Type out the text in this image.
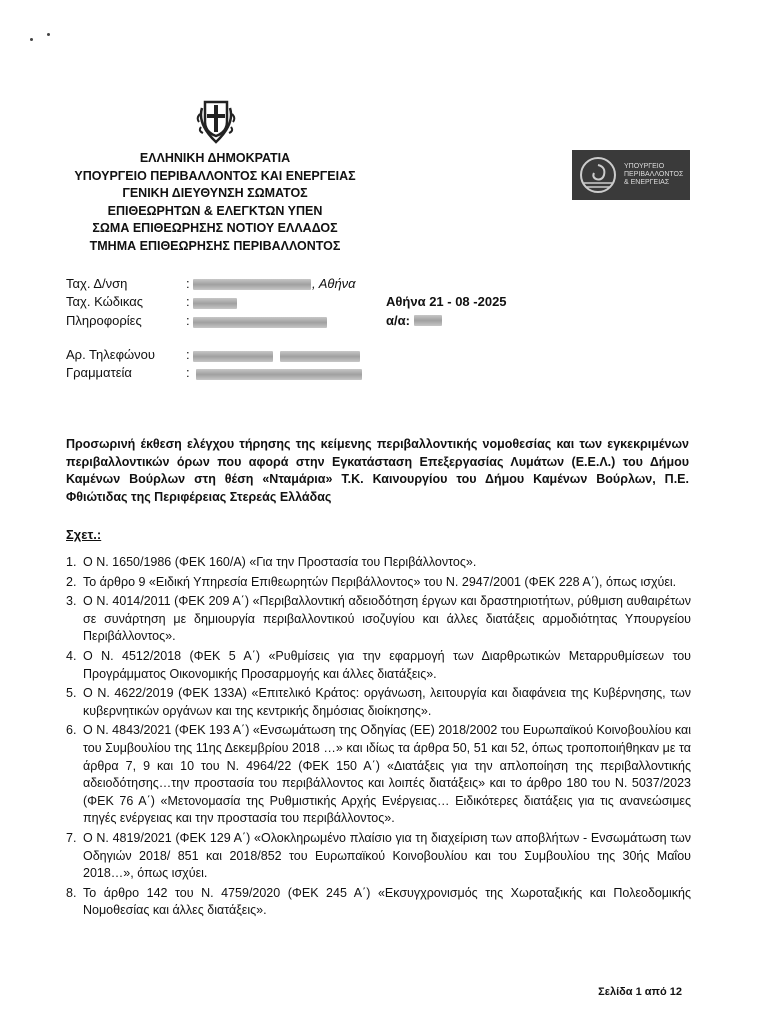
ΕΛΛΗΝΙΚΗ ΔΗΜΟΚΡΑΤΙΑ
ΥΠΟΥΡΓΕΙΟ ΠΕΡΙΒΑΛΛΟΝΤΟΣ ΚΑΙ ΕΝΕΡΓΕΙΑΣ
ΓΕΝΙΚΗ ΔΙΕΥΘΥΝΣΗ ΣΩΜΑΤΟΣ
ΕΠΙΘΕΩΡΗΤΩΝ & ΕΛΕΓΚΤΩΝ ΥΠΕΝ
ΣΩΜΑ ΕΠΙΘΕΩΡΗΣΗΣ ΝΟΤΙΟΥ ΕΛΛΑΔΟΣ
ΤΜΗΜΑ ΕΠΙΘΕΩΡΗΣΗΣ ΠΕΡΙΒΑΛΛΟΝΤΟΣ
ΥΠΟΥΡΓΕΙΟ
ΠΕΡΙΒΑΛΛΟΝΤΟΣ
& ΕΝΕΡΓΕΙΑΣ
Ταχ. Δ/νση	:	, Αθήνα
Ταχ. Κώδικας	:
Πληροφορίες	:
Αρ. Τηλεφώνου :
Γραμματεία	:
Αθήνα 21 - 08 -2025
α/α:
Προσωρινή έκθεση ελέγχου τήρησης της κείμενης περιβαλλοντικής νομοθεσίας και των εγκεκριμένων περιβαλλοντικών όρων που αφορά στην Εγκατάσταση Επεξεργασίας Λυμάτων (Ε.Ε.Λ.) του Δήμου Καμένων Βούρλων στη θέση «Νταμάρια» Τ.Κ. Καινουργίου του Δήμου Καμένων Βούρλων, Π.Ε. Φθιώτιδας της Περιφέρειας Στερεάς Ελλάδας
Σχετ.:
1. Ο Ν. 1650/1986 (ΦΕΚ 160/Α) «Για την Προστασία του Περιβάλλοντος».
2. Το άρθρο 9 «Ειδική Υπηρεσία Επιθεωρητών Περιβάλλοντος» του Ν. 2947/2001 (ΦΕΚ 228 Α΄), όπως ισχύει.
3. Ο Ν. 4014/2011 (ΦΕΚ 209 Α΄) «Περιβαλλοντική αδειοδότηση έργων και δραστηριοτήτων, ρύθμιση αυθαιρέτων σε συνάρτηση με δημιουργία περιβαλλοντικού ισοζυγίου και άλλες διατάξεις αρμοδιότητας Υπουργείου Περιβάλλοντος».
4. Ο Ν. 4512/2018 (ΦΕΚ 5 Α΄) «Ρυθμίσεις για την εφαρμογή των Διαρθρωτικών Μεταρρυθμίσεων του Προγράμματος Οικονομικής Προσαρμογής και άλλες διατάξεις».
5. Ο Ν. 4622/2019 (ΦΕΚ 133Α) «Επιτελικό Κράτος: οργάνωση, λειτουργία και διαφάνεια της Κυβέρνησης, των κυβερνητικών οργάνων και της κεντρικής δημόσιας διοίκησης».
6. Ο Ν. 4843/2021 (ΦΕΚ 193 Α΄) «Ενσωμάτωση της Οδηγίας (ΕΕ) 2018/2002 του Ευρωπαϊκού Κοινοβουλίου και του Συμβουλίου της 11ης Δεκεμβρίου 2018 …» και ιδίως τα άρθρα 50, 51 και 52, όπως τροποποιήθηκαν με τα άρθρα 7, 9 και 10 του Ν. 4964/22 (ΦΕΚ 150 Α΄) «Διατάξεις για την απλοποίηση της περιβαλλοντικής αδειοδότησης…την προστασία του περιβάλλοντος και λοιπές διατάξεις» και το άρθρο 180 του Ν. 5037/2023 (ΦΕΚ 76 Α΄) «Μετονομασία της Ρυθμιστικής Αρχής Ενέργειας… Ειδικότερες διατάξεις για τις ανανεώσιμες πηγές ενέργειας και την προστασία του περιβάλλοντος».
7. Ο Ν. 4819/2021 (ΦΕΚ 129 Α΄) «Ολοκληρωμένο πλαίσιο για τη διαχείριση των αποβλήτων - Ενσωμάτωση των Οδηγιών 2018/ 851 και 2018/852 του Ευρωπαϊκού Κοινοβουλίου και του Συμβουλίου της 30ής Μαΐου 2018…», όπως ισχύει.
8. Το άρθρο 142 του Ν. 4759/2020 (ΦΕΚ 245 Α΄) «Εκσυγχρονισμός της Χωροταξικής και Πολεοδομικής Νομοθεσίας και άλλες διατάξεις».
Σελίδα 1 από 12
